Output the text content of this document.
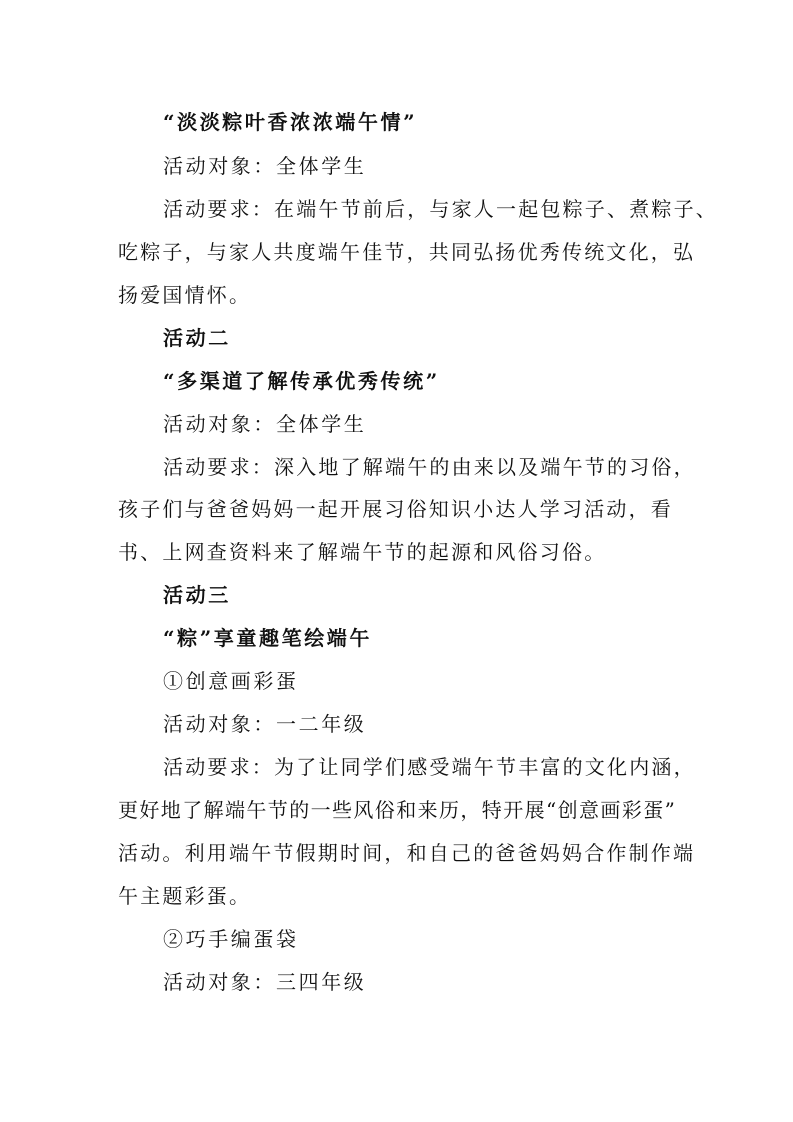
“淡淡粽叶香浓浓端午情”
活动对象：全体学生
活动要求：在端午节前后，与家人一起包粽子、煮粽子、
吃粽子，与家人共度端午佳节，共同弘扬优秀传统文化，弘
扬爱国情怀。
活动二
“多渠道了解传承优秀传统”
活动对象：全体学生
活动要求：深入地了解端午的由来以及端午节的习俗，
孩子们与爸爸妈妈一起开展习俗知识小达人学习活动，看
书、上网查资料来了解端午节的起源和风俗习俗。
活动三
“粽”享童趣笔绘端午
①创意画彩蛋
活动对象：一二年级
活动要求：为了让同学们感受端午节丰富的文化内涵，
更好地了解端午节的一些风俗和来历，特开展“创意画彩蛋”
活动。利用端午节假期时间，和自己的爸爸妈妈合作制作端
午主题彩蛋。
②巧手编蛋袋
活动对象：三四年级
